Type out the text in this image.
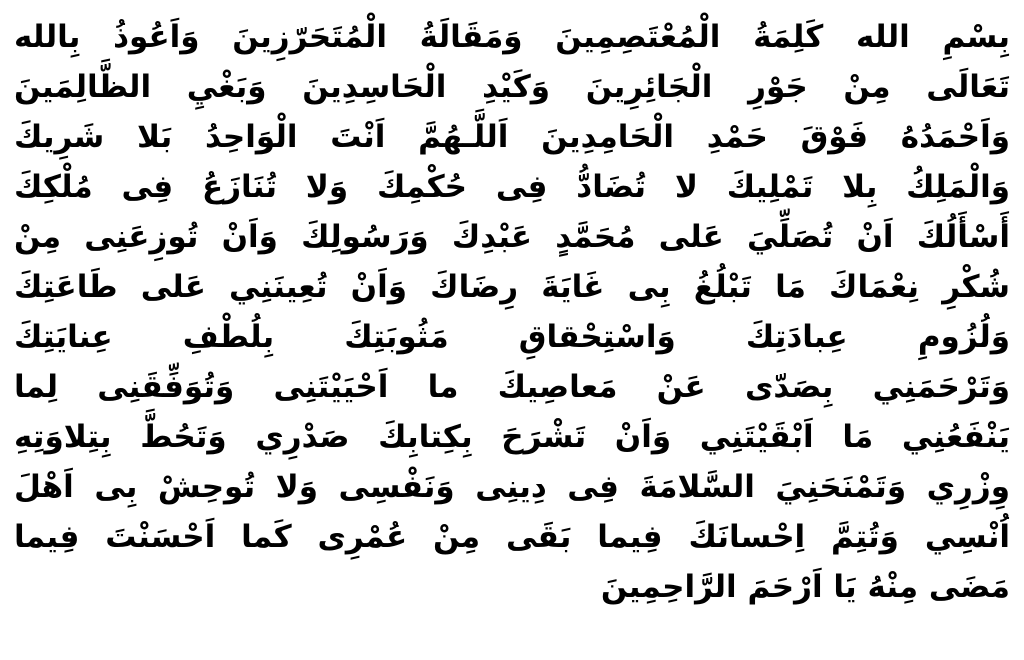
بِسْمِ الله كَلِمَةُ الْمُعْتَصِمِينَ وَمَقَالَةُ الْمُتَحَرّزِينَ وَاَعُوذُ بِالله
تَعَالَى مِنْ جَوْرِ الْجَائِرِينَ وَكَيْدِ الْحَاسِدِينَ وَبَغْيِ الظَّالِمَينَ
وَاَحْمَدُهُ فَوْقَ حَمْدِ الْحَامِدِينَ اَللَّـهُمَّ اَنْتَ الْوَاحِدُ بَلا شَرِيكَ
وَالْمَلِكُ بِلا تَمْلِيكَ لا تُضَادُّ فِى حُكْمِكَ وَلا تُنَازَعُ فِى مُلْكِكَ
أَسْأَلُكَ اَنْ تُصَلِّيَ عَلى مُحَمَّدٍ عَبْدِكَ وَرَسُولِكَ وَاَنْ تُوزِعَنِى مِنْ
شُكْرِ نِعْمَاكَ مَا تَبْلُغُ بِى غَايَةَ رِضَاكَ وَاَنْ تُعِينَنِي عَلى طَاعَتِكَ
وَلُزُومِ عِبادَتِكَ وَاسْتِحْقاقِ مَثُوبَتِكَ بِلُطْفِ عِنايَتِكَ
وَتَرْحَمَنِي بِصَدّى عَنْ مَعاصِيكَ ما اَحْيَيْتَنِى وَتُوَفِّقَنِى لِما
يَنْفَعُنِي مَا اَبْقَيْتَنِي وَاَنْ تَشْرَحَ بِكِتابِكَ صَدْرِي وَتَحُطَّ بِتِلاوَتِهِ
وِزْرِي وَتَمْنَحَنِيَ السَّلامَةَ فِى دِينِى وَنَفْسِى وَلا تُوحِشْ بِى اَهْلَ
اُنْسِي وَتُتِمَّ اِحْسانَكَ فِيما بَقَى مِنْ عُمْرِى كَما اَحْسَنْتَ فِيما
مَضَى مِنْهُ يَا اَرْحَمَ الرَّاحِمِينَ
